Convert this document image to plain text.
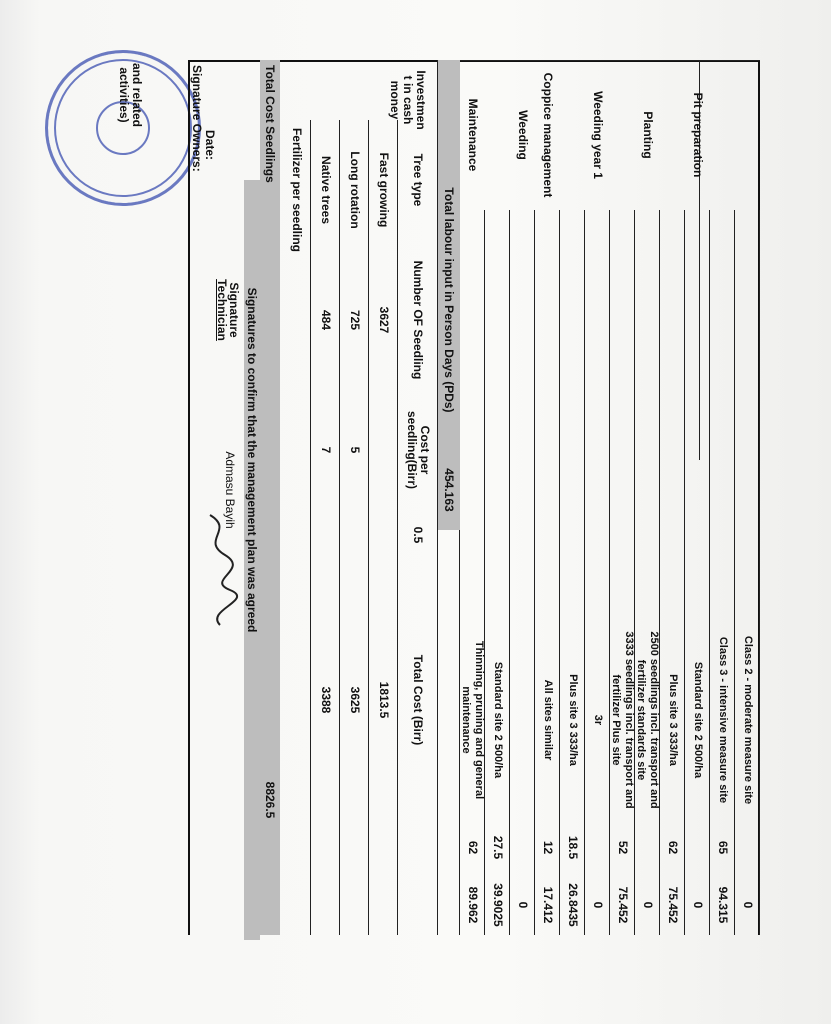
and related activities)
Class 2 - moderate measure site
0
Class 3 - intensive measure site
65
94.315
Pit preparation
Standard site 2 500/ha
0
Plus site 3 333/ha
62
75.452
Planting
2500 seedlings incl. transport and fertilizer standards site
0
3333 seedlings incl. transport and fertilizer Plus site
52
75.452
Weeding year 1
3r
0
Plus site 3 333/ha
18.5
26.8435
Coppice management
All sites similar
12
17.412
Weeding
0
Standard site 2 500/ha
27.5
39.9025
Maintenance
Thinning, pruning and general maintenance
62
89.962
Total labour input in Person Days (PDs)
454.163
Investmen t in cash money
Tree type
Number OF Seedling
Cost per seedling(Birr)
0.5
Total Cost (Birr)
Fast growing
3627
1813.5
Long rotation
725
5
3625
Native trees
484
7
3388
Fertilizer per seedling
Total Cost Seedlings
8826.5
Signatures to confirm that the management plan was agreed
Signature
Technician
Admasu Bayih
Date:
Signature Owners:
